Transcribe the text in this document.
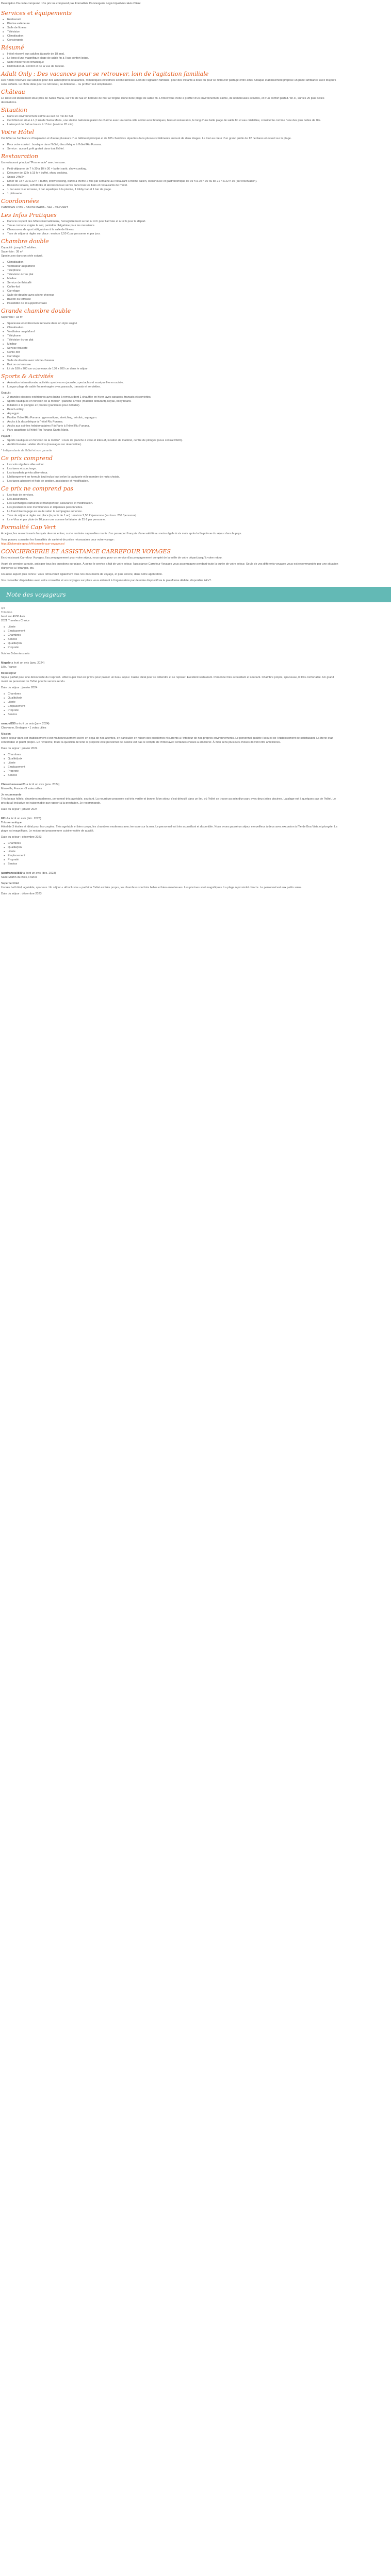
Description Cà carte comprend : Ce prix ne comprend pas Formalités Conciergerie Logis tripadvisor Avis Client
Services et équipements
● Restaurant
● Piscine extérieure
● Salle de fitness
● Télévision
● Climatisation
● Conciergerie
Résumé
● Hôtel réservé aux adultes (à partir de 18 ans).
● Le long d'une magnifique plage de sable fin à Tous confort lodge.
● Suite moderne et romantique
● Distribution du confort et de la vue de l'océan.
Adult Only : Des vacances pour se retrouver, loin de l'agitation familiale

Des hôtels réservés aux adultes pour des atmosphères relaxantes, romantiques et festives selon l'adresse. Loin de l'agitation familiale, pour des instants à deux ou pour se retrouver partage entre amis. Chaque établissement propose un panel ambiance avec toujours sans enfants. Le choix idéal pour se retrouver, se détendre... ou profiter tout simplement.

Château

Le Hotel est idéalement situé près de Santa Maria, sur l'île de Sal en bordure de mer à l'origine d'une belle plage de sable fin. L'hôtel vous invite à profiter d'un environnement calme, de nombreuses activités, et d'un confort parfait. Wi-Fi, sur les 25 plus belles destinations.

Situation
● Dans un environnement calme au sud de l'île de Sal.
● Cet hôtel est situé à 1,5 km de Santa Maria, une station balnéaire plaisir de charme avec un centre-ville animé avec boutiques, bars et restaurants, le long d'une belle plage de sable fin et eau cristalline, considérée comme l'une des plus belles de l'île.
● L'aéroport de Sal se trouve à 15 km (environ 20 min).
Votre Hôtel

Cet hôtel se l'ambiance d'inspiration et d'autre plusieurs d'un bâtiment principal et de 105 chambres réparties dans plusieurs bâtiments entouré de deux étages. Le tout au cœur d'un grand jardin de 12 hectares et ouvert sur la plage.

● Pour votre confort : boutique dans l'hôtel, discothèque à l'hôtel Riu Funana.
● Service : accueil, prêt gratuit dans tout l'hôtel.
Restauration

Un restaurant principal "Promenade" avec terrasse.

● Petit-déjeuner de 7 h 30 à 10 h 30 + buffet varié, show cooking.
● Déjeuner de 12 h à 15 h + buffet, show cooking.
● Snack 24h/24.
● Dîner de 18 h 30 à 22 h + buffet, show cooking, buffet à thème 2 fois par semaine au restaurant à thème italien, steakhouse et gastronomique de 19 h à 20 h 30 ou de 21 h à 22 h 30 (sur réservation).
● Boissons locales, soft drinks et alcools locaux servis dans tous les bars et restaurants de l'hôtel.
● 1 bar avec vue terrasse, 1 bar aquatique à la piscine, 1 lobby bar et 1 bar de plage.
● 1 pâtisserie.
Coordonnées

CABOCAN LOTE - SANTA MARIA - SAL - CAPVERT

Les Infos Pratiques
● Dans le respect des hôtels internationaux, l'enregistrement se fait à 14 h pour l'arrivée et à 12 h pour le départ.
● Tenue correcte exigée le soir, pantalon obligatoire pour les messieurs.
● Chaussures de sport obligatoires à la salle de fitness.
● Taxe de séjour à régler sur place : environ 2,50 € par personne et par jour.
Chambre double

Capacité : jusqu'à 2 adultes.

Superficie : 38 m²

Spacieuses dans un style soigné.

● Climatisation
● Ventilateur au plafond
● Téléphone
● Télévision écran plat
● Minibar
● Service de thé/café
● Coffre-fort
● Carrelage
● Salle de douche avec sèche-cheveux
● Balcon ou terrasse
● Possibilité de lit supplémentaire
Grande chambre double

Superficie : 33 m²

● Spacieuse et entièrement rénovée dans un style soigné
● Climatisation
● Ventilateur au plafond
● Téléphone
● Télévision écran plat
● Minibar
● Service thé/café
● Coffre-fort
● Carrelage
● Salle de douche avec sèche-cheveux
● Balcon ou terrasse
● Lit de 180 x 200 cm ou jumeaux de 130 x 200 cm dans le séjour
Sports & Activités
● Animation internationale, activités sportives en journée, spectacles et musique live en soirée.
● Longue plage de sable fin aménagée avec parasols, transats et serviettes.

Gratuit :

● 2 grandes piscines extérieures avec bains à remous dont 1 chauffée en hiver, avec parasols, transats et serviettes.
● Sports nautiques en fonction de la météo* : planche à voile (matériel débutant), kayak, body board.
● Initiation à la plongée en piscine (particules pour débuter).
● Beach-volley.
● Aquagym.
● Profiter l'hôtel Riu Funana : gymnastique, stretching, aérobic, aquagym.
● Accès à la discothèque à l'hôtel Riu Funana.
● Accès aux soirées hebdomadaires Riù Party à l'hôtel Riu Funana.
● Parc aquatique à l'hôtel Riu Funana Santa Maria.

Payant :

● Sports nautiques en fonction de la météo* : cours de planche à voile et kitesurf, location de matériel, centre de plongée (sous contrat PADI).
● Au Riù Funana : atelier d'soins (massages sur réservation).

* Indépendante de l'hôtel et non garantie

Ce prix comprend
● Les vols réguliers aller-retour.
● Les taxes et surcharge.
● Les transferts privés aller-retour.
● L'hébergement en formule tout inclus tout selon la catégorie et le nombre de nuits choisis.
● Les taxes aéroport et frais de gestion, assistance et modification.
Ce prix ne comprend pas
● Les frais de services.
● Les assurances.
● Les surcharges carburant et transporteur, assurance et modification.
● Les prestations non mentionnées et dépenses personnelles.
● La franchise bagage en soute selon la compagnie aérienne.
● Taxe de séjour à régler sur place (à partir de 1 an) : environ 2,50 € /personne (sur tous. 236 /personne).
● Le e-Visa et par pluie de 10 jours une somme forfaitaire de 25 € par personne.
Formalité Cap Vert

A ce jour, les ressortissants français devront entrer, sur le territoire capverdien munis d'un passeport français d'une validité au moins égale à six mois après la fin prévue du séjour dans le pays.

Vous pouvez consulter les formalités de santé et de police nécessaires pour votre voyage :

http://Diplomatie.gouv.fr/fr/conseils-aux-voyageurs/

CONCIERGERIE ET ASSISTANCE CARREFOUR VOYAGES

En choisissant Carrefour Voyages, l'accompagnement pour votre séjour, nous optez pour un service d'accompagnement complet de la veille de votre départ jusqu'à votre retour.

Avant de prendre la route, anticiper tous les questions sur place. À peine le service a fait de votre séjour, l'assistance Carrefour Voyages vous accompagne pendant toute la durée de votre séjour. Seule de vos différents voyages vous est recommandée par une situation d'urgence à l'étranger, etc.

Un autre aspect plus connu : vous retrouverez également tous nos documents de voyage, et plus encore, dans notre application.

Vos conseiller disponibles avec votre conseiller et vos voyages sur place vous aideront à l'organisation par de notre dispositif via la plateforme dédiée, disponible 24h/7.

Note des voyageurs

4,5

Très bon

basé sur 4938 Avis

2021 Travelers Choice

● Literie
● Emplacement
● Chambres
● Service
● Qualité/prix
● Propreté

Voir les 5 derniers avis

Magaly a écrit un avis (janv. 2024)

Lille, France

Beau séjour

Séjour parfait pour une découverte du Cap vert. Hôtel super tout est prévu pour passer un beau séjour. Calme idéal pour se détendre et se reposer. Excellent restaurant. Personnel très accueillant et souriant. Chambre propre, spacieuse, lit très confortable. Un grand merci au personnel de l'hôtel pour le service rendu.

Date du séjour : janvier 2024

● Chambres
● Qualité/prix
● Literie
● Emplacement
● Propreté
● Service

samuel250 a écrit un avis (janv. 2024)

Cheyenne, Bretagne • 1 votes utiles

Mission

Notre séjour dans cet établissement s'est malheureusement avéré en deçà de nos attentes, en particulier en raison des problèmes récurrents à l'intérieur de nos propres environnements. Le personnel qualifie l'accueil de l'établissement de satisfaisant. La literie était confortable et plutôt propre. En revanche, toute la question de tenir la propreté et le personnel de cuisine est pas le compte de l'hôtel avec certaines choses à améliorer. À mon sens plusieurs choses doivent être améliorées.

Date du séjour : janvier 2024

● Chambres
● Qualité/prix
● Literie
● Emplacement
● Propreté
● Service

Claireduroussel01 a écrit un avis (janv. 2024)

Marseille, France • 3 votes utiles

Je recommande

Très beaux hôtels, chambres modernes, personnel très agréable, souriant. La nourriture proposée est très variée et bonne. Mon séjour s'est déroulé dans un lieu où l'hôtel se trouve au sein d'un parc avec deux jolies piscines. La plage est à quelques pas de l'hôtel. Le prix du all inclusive est raisonnable par rapport à la prestation. Je recommande.

Date du séjour : janvier 2024

811U a écrit un avis (déc. 2023)

Très romantique

Hôtel de 3 étoiles et idéal pour les couples. Très agréable et bien conçu, les chambres modernes avec terrasse sur la mer. Le personnel est très accueillant et disponible. Nous avons passé un séjour merveilleux à deux avec excursion à l'île de Boa Vista et plongée. La plage est magnifique. Le restaurant propose une cuisine variée de qualité.

Date du séjour : décembre 2023

● Chambres
● Qualité/prix
● Literie
● Emplacement
● Propreté
● Service

juanfrancis0889 a écrit un avis (déc. 2023)

Saint-Martin-du-Bois, France

Superbe hôtel

Un très bel hôtel, agréable, spacieux. Un séjour « all inclusive » parfait à l'hôtel est très propre, les chambres sont très belles et bien entretenues. Les piscines sont magnifiques. La plage à proximité directe. Le personnel est aux petits soins.

Date du séjour : décembre 2023
